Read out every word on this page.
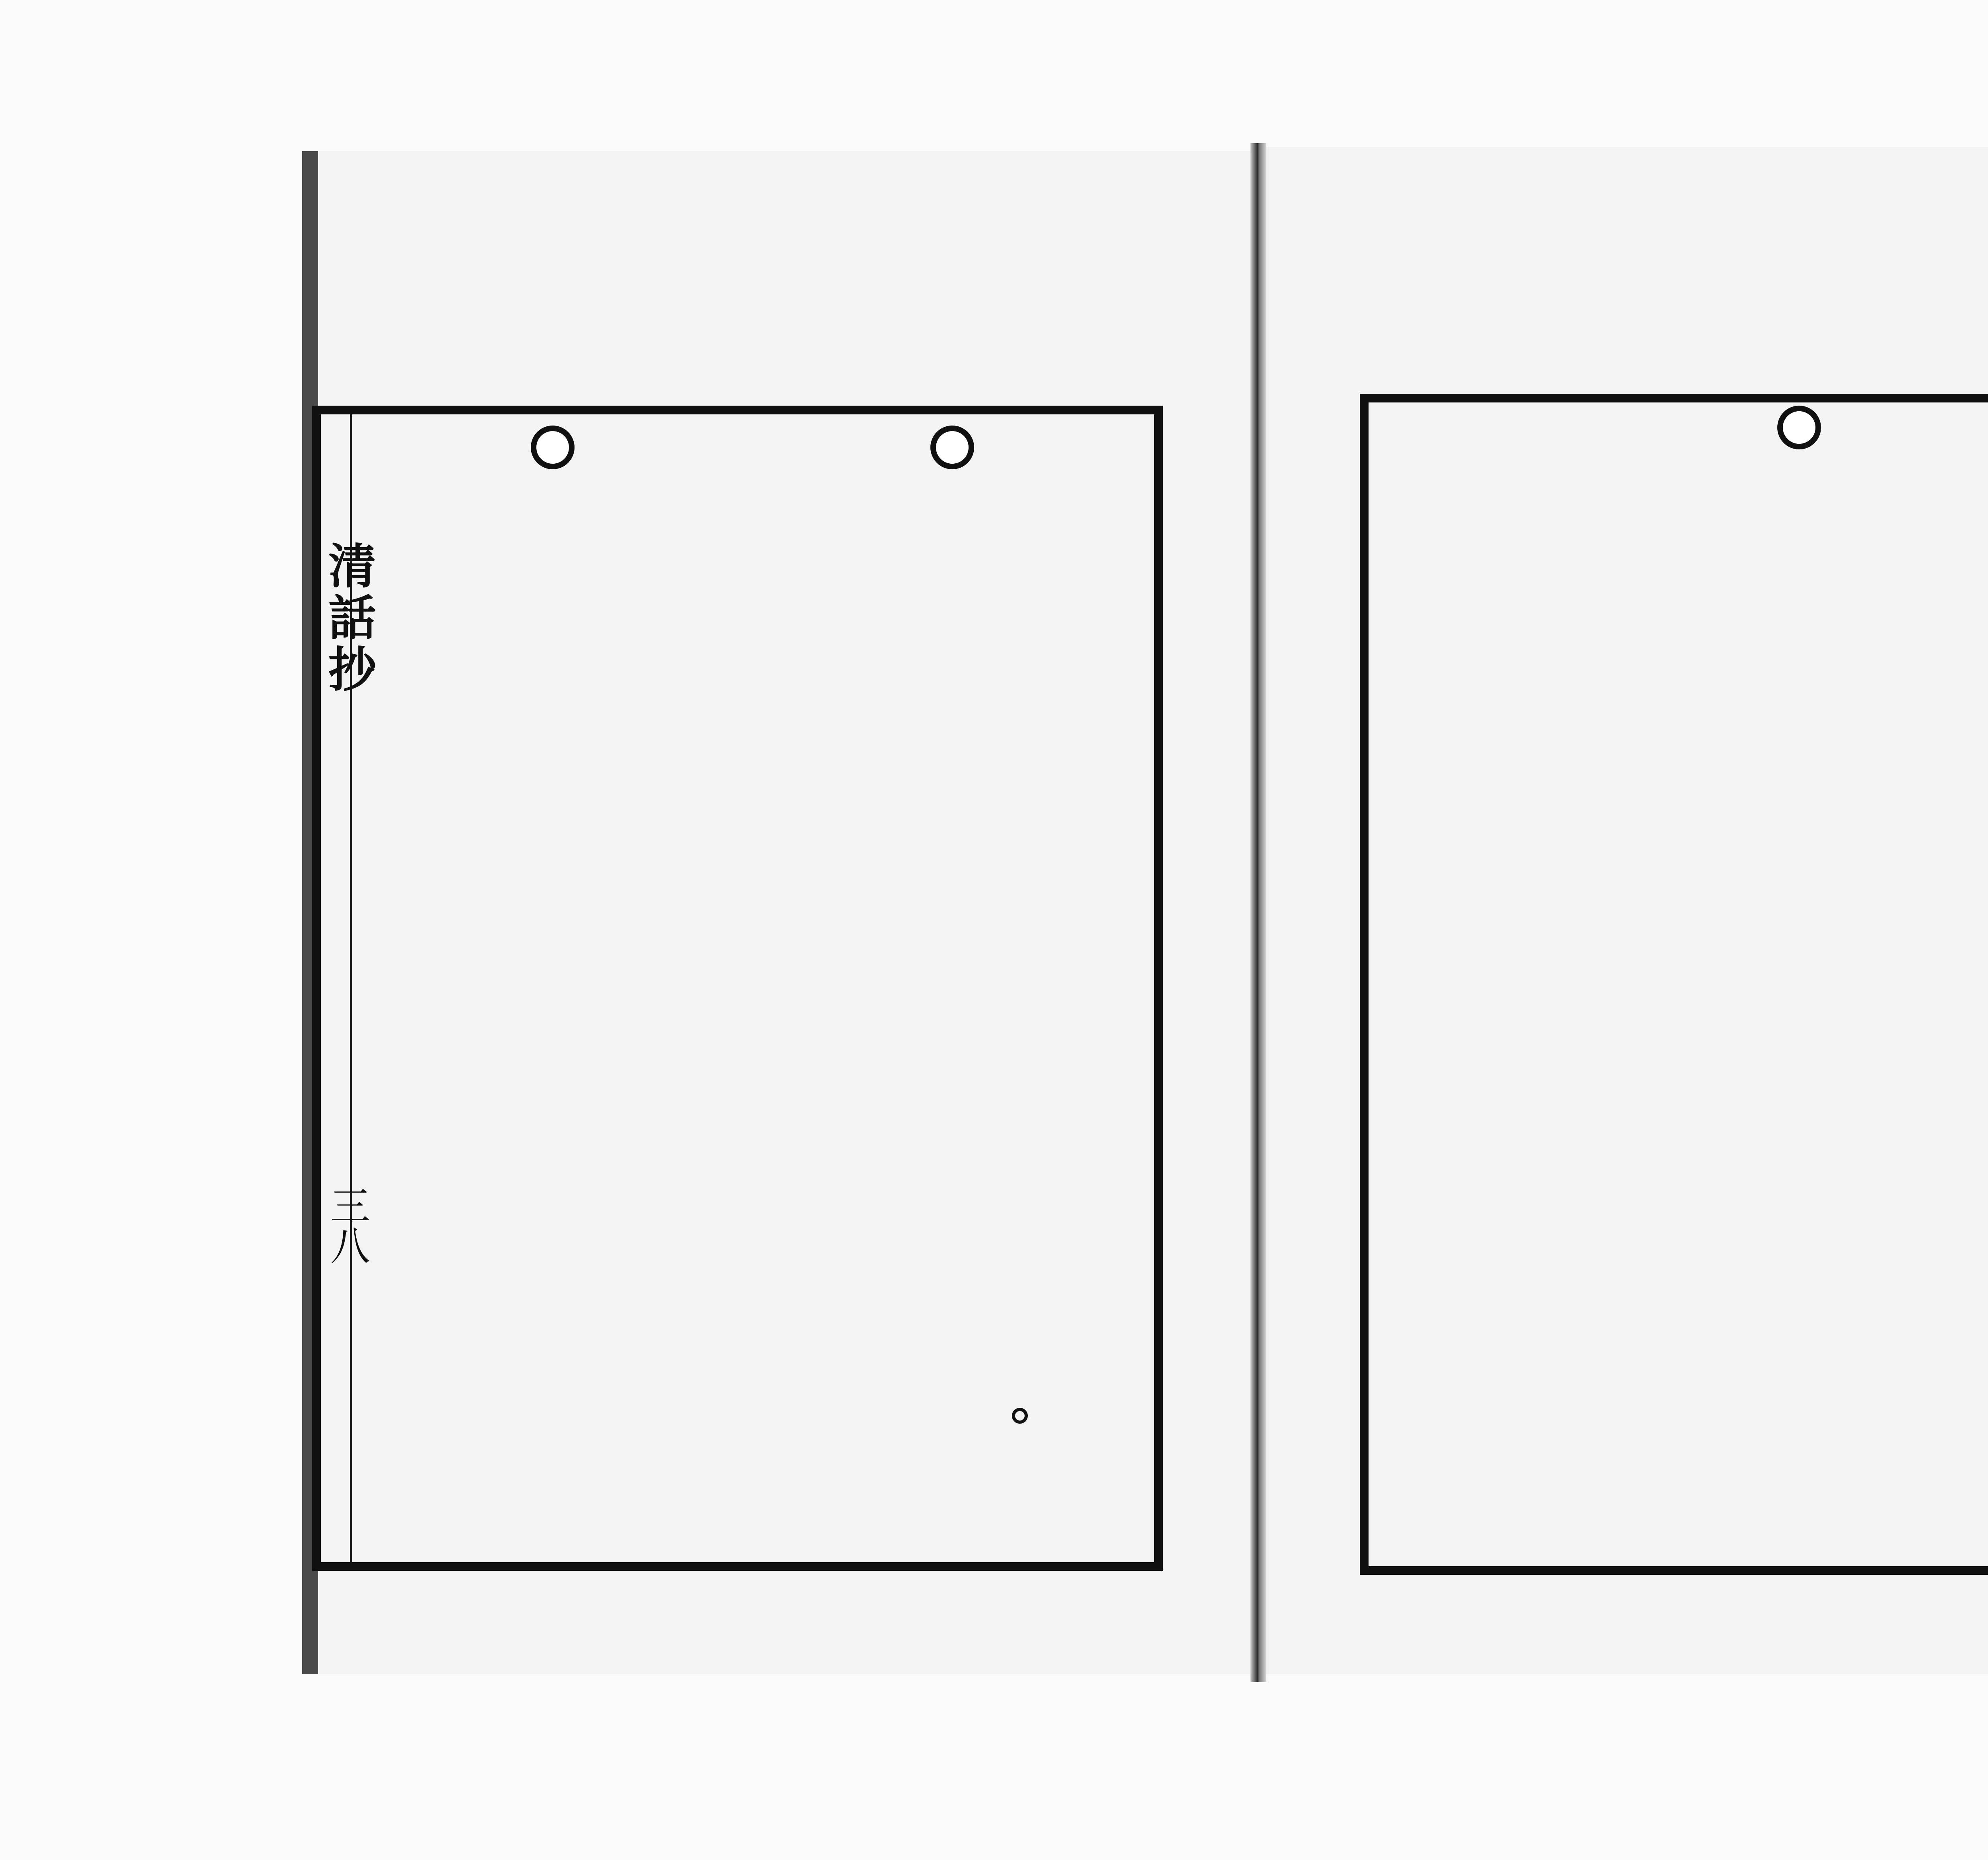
清話抄
三八
